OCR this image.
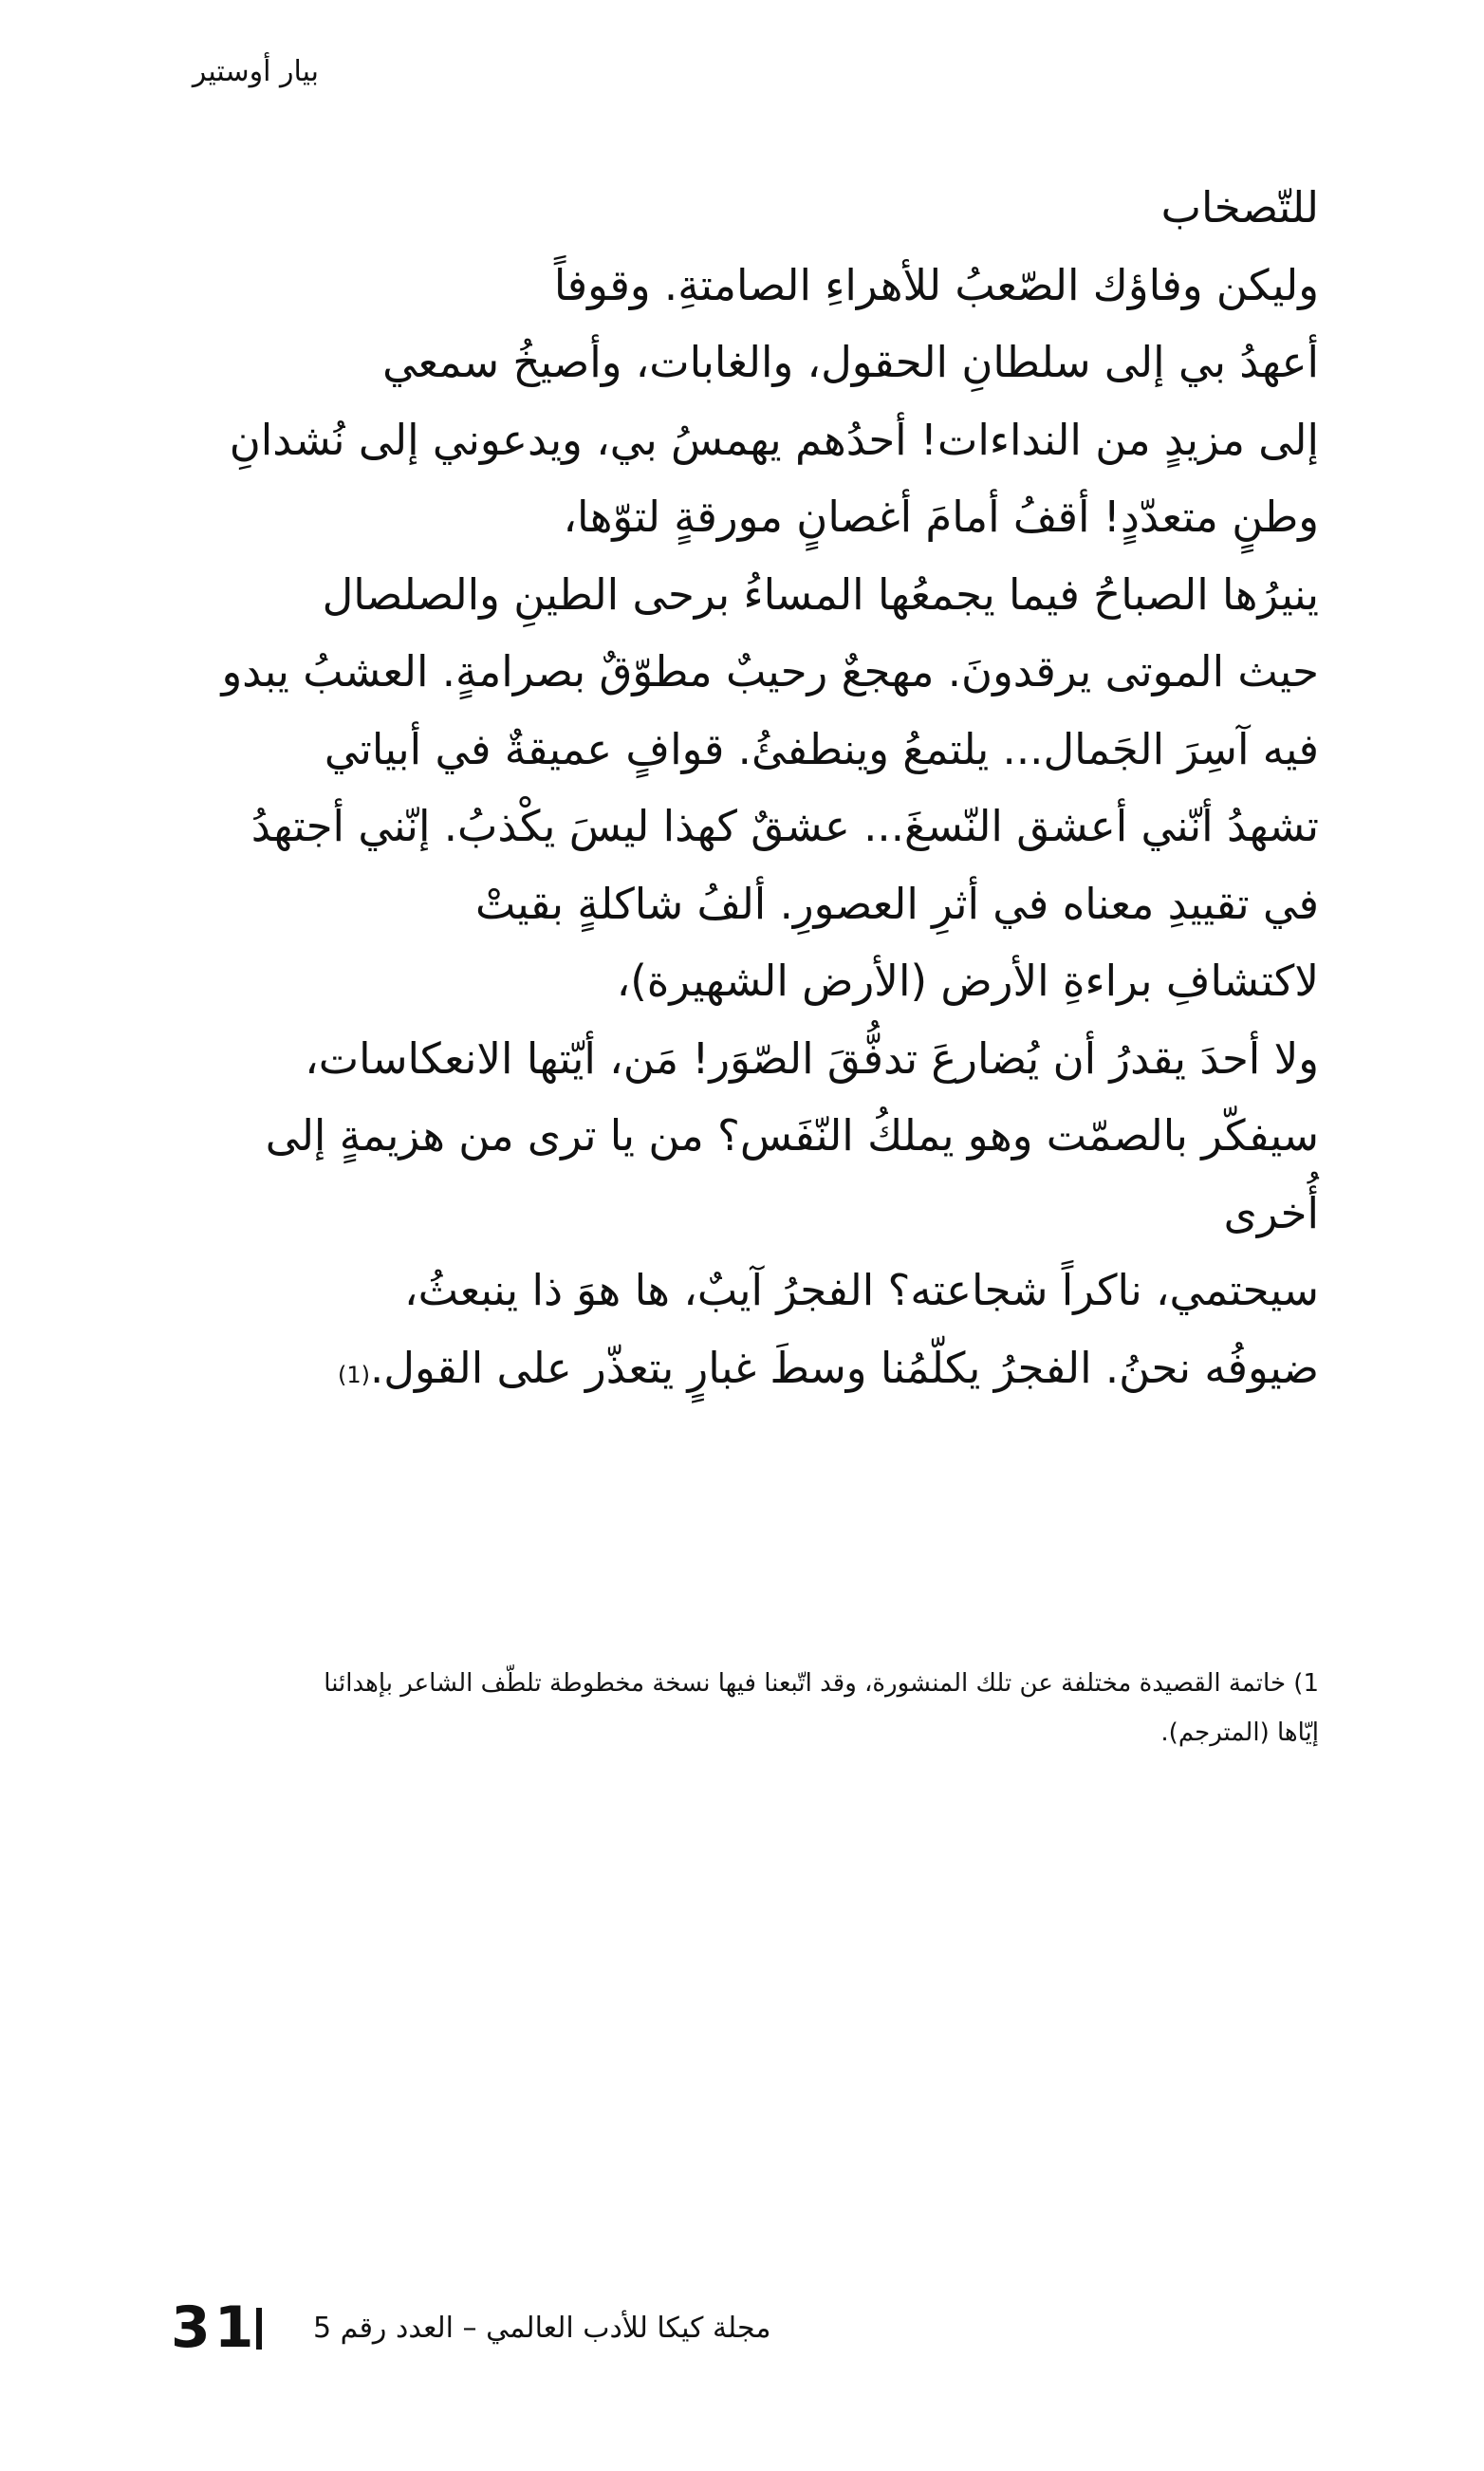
بيار أوستير
للتّصخاب
وليكن وفاؤك الصّعبُ للأهراءِ الصامتةِ. وقوفاً
أعهدُ بي إلى سلطانِ الحقول، والغابات، وأصيخُ سمعي
إلى مزيدٍ من النداءات! أحدُهم يهمسُ بي، ويدعوني إلى نُشدانِ
وطنٍ متعدّدٍ! أقفُ أمامَ أغصانٍ مورقةٍ لتوّها،
ينيرُها الصباحُ فيما يجمعُها المساءُ برحى الطينِ والصلصال
حيث الموتى يرقدونَ. مهجعٌ رحيبٌ مطوّقٌ بصرامةٍ. العشبُ يبدو
فيه آسِرَ الجَمال... يلتمعُ وينطفئُ. قوافٍ عميقةٌ في أبياتي
تشهدُ أنّني أعشق النّسغَ... عشقٌ كهذا ليسَ يكْذبُ. إنّني أجتهدُ
في تقييدِ معناه في أثرِ العصورِ. ألفُ شاكلةٍ بقيتْ
لاكتشافِ براءةِ الأرض (الأرض الشهيرة)،
ولا أحدَ يقدرُ أن يُضارعَ تدفُّقَ الصّوَر! مَن، أيّتها الانعكاسات،
سيفكّر بالصمّت وهو يملكُ النّفَس؟ من يا ترى من هزيمةٍ إلى
أُخرى
سيحتمي، ناكراً شجاعته؟ الفجرُ آيبٌ، ها هوَ ذا ينبعثُ،
ضيوفُه نحنُ. الفجرُ يكلّمُنا وسطَ غبارٍ يتعذّر على القول.(1)
1) خاتمة القصيدة مختلفة عن تلك المنشورة، وقد اتّبعنا فيها نسخة مخطوطة تلطّف الشاعر بإهدائنا
إيّاها (المترجم).
31 مجلة كيكا للأدب العالمي – العدد رقم 5
